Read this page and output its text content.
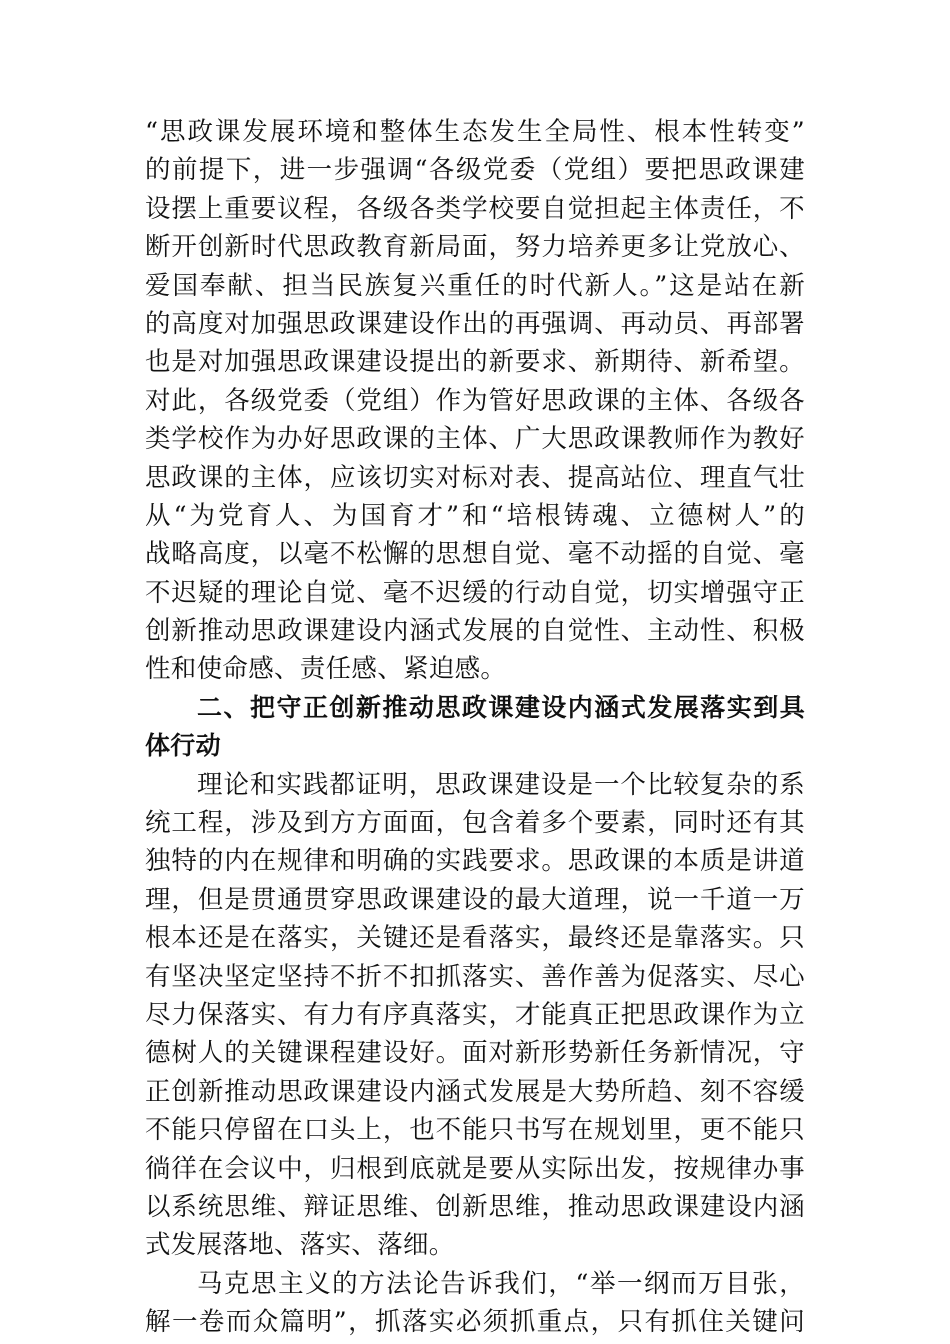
“思政课发展环境和整体生态发生全局性、根本性转变”
的前提下，进一步强调“各级党委（党组）要把思政课建
设摆上重要议程，各级各类学校要自觉担起主体责任，不
断开创新时代思政教育新局面，努力培养更多让党放心、
爱国奉献、担当民族复兴重任的时代新人。”这是站在新
的高度对加强思政课建设作出的再强调、再动员、再部署
也是对加强思政课建设提出的新要求、新期待、新希望。
对此，各级党委（党组）作为管好思政课的主体、各级各
类学校作为办好思政课的主体、广大思政课教师作为教好
思政课的主体，应该切实对标对表、提高站位、理直气壮
从“为党育人、为国育才”和“培根铸魂、立德树人”的
战略高度，以毫不松懈的思想自觉、毫不动摇的自觉、毫
不迟疑的理论自觉、毫不迟缓的行动自觉，切实增强守正
创新推动思政课建设内涵式发展的自觉性、主动性、积极
性和使命感、责任感、紧迫感。
二、把守正创新推动思政课建设内涵式发展落实到具
体行动
理论和实践都证明，思政课建设是一个比较复杂的系
统工程，涉及到方方面面，包含着多个要素，同时还有其
独特的内在规律和明确的实践要求。思政课的本质是讲道
理，但是贯通贯穿思政课建设的最大道理，说一千道一万
根本还是在落实，关键还是看落实，最终还是靠落实。只
有坚决坚定坚持不折不扣抓落实、善作善为促落实、尽心
尽力保落实、有力有序真落实，才能真正把思政课作为立
德树人的关键课程建设好。面对新形势新任务新情况，守
正创新推动思政课建设内涵式发展是大势所趋、刻不容缓
不能只停留在口头上，也不能只书写在规划里，更不能只
徜徉在会议中，归根到底就是要从实际出发，按规律办事
以系统思维、辩证思维、创新思维，推动思政课建设内涵
式发展落地、落实、落细。
马克思主义的方法论告诉我们，“举一纲而万目张，
解一卷而众篇明”，抓落实必须抓重点，只有抓住关键问
